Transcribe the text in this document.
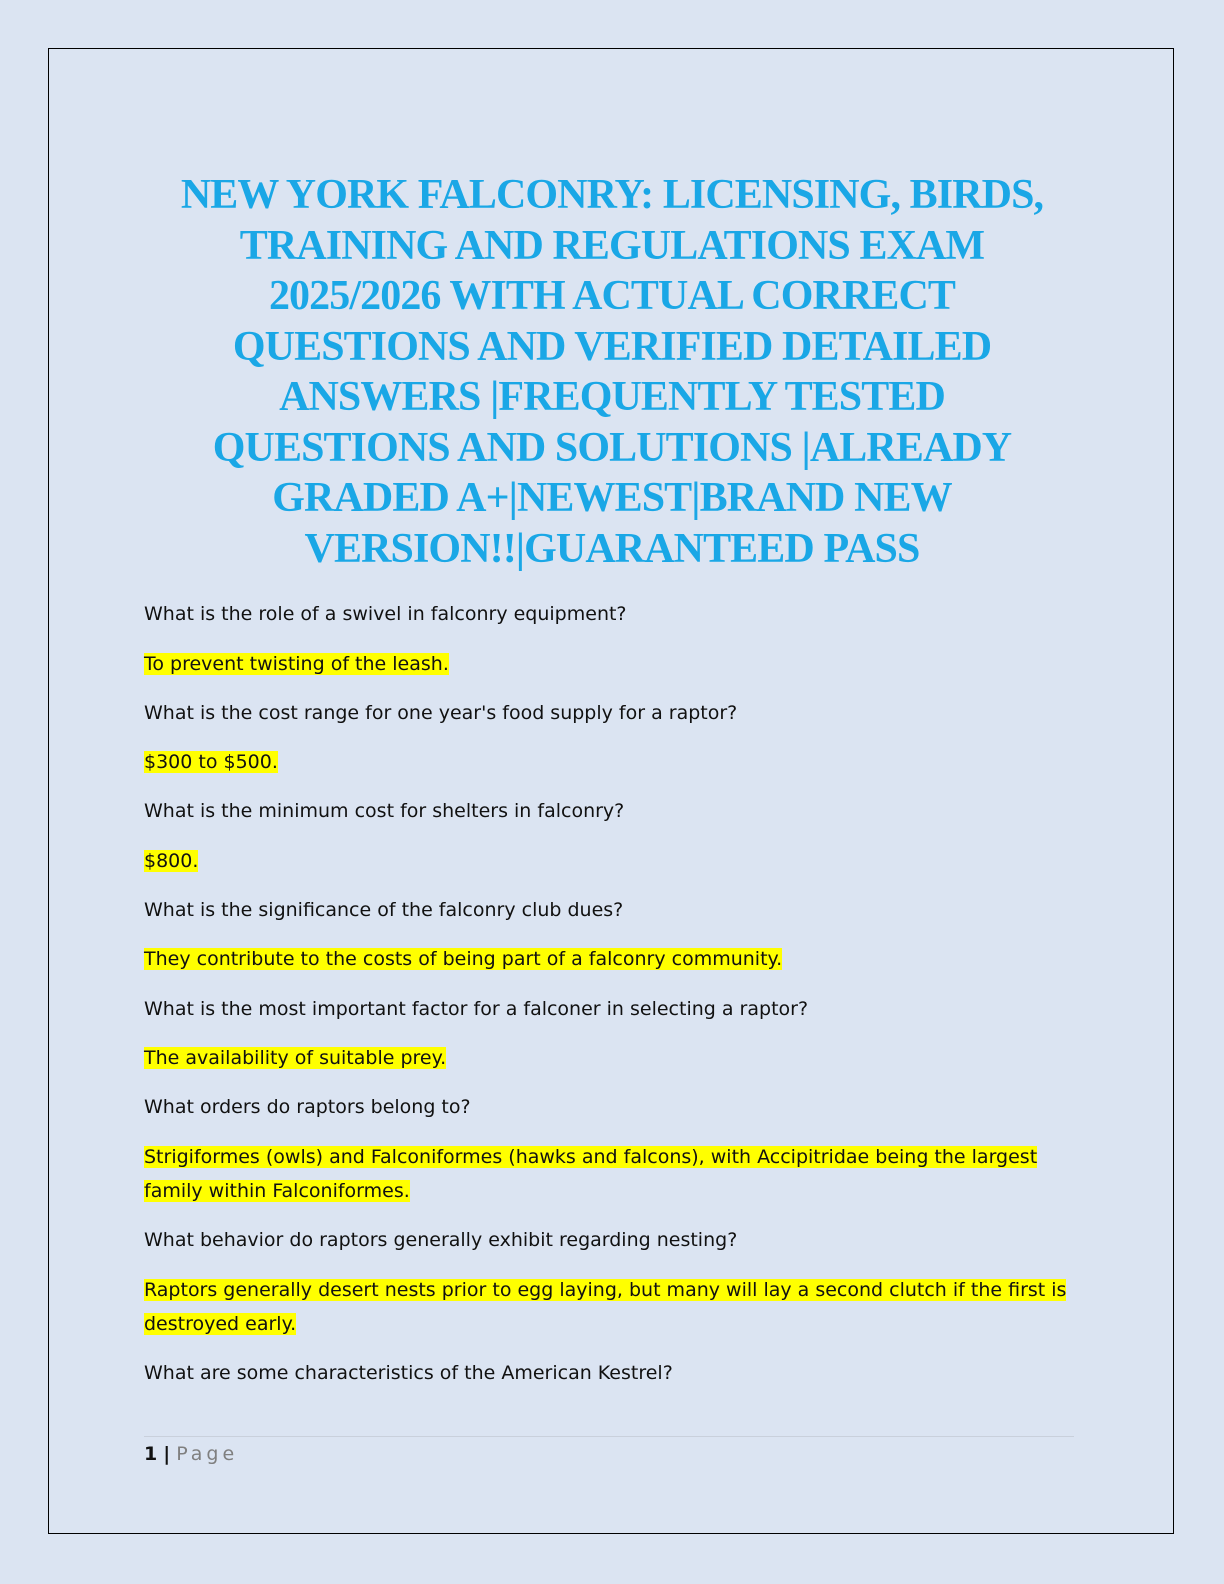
NEW YORK FALCONRY: LICENSING, BIRDS,
TRAINING AND REGULATIONS EXAM
2025/2026 WITH ACTUAL CORRECT
QUESTIONS AND VERIFIED DETAILED
ANSWERS |FREQUENTLY TESTED
QUESTIONS AND SOLUTIONS |ALREADY
GRADED A+|NEWEST|BRAND NEW
VERSION!!|GUARANTEED PASS

What is the role of a swivel in falconry equipment?

To prevent twisting of the leash.

What is the cost range for one year's food supply for a raptor?

$300 to $500.

What is the minimum cost for shelters in falconry?

$800.

What is the significance of the falconry club dues?

They contribute to the costs of being part of a falconry community.

What is the most important factor for a falconer in selecting a raptor?

The availability of suitable prey.

What orders do raptors belong to?

Strigiformes (owls) and Falconiformes (hawks and falcons), with Accipitridae being the largest

family within Falconiformes.

What behavior do raptors generally exhibit regarding nesting?

Raptors generally desert nests prior to egg laying, but many will lay a second clutch if the first is

destroyed early.

What are some characteristics of the American Kestrel?

1 | Page
